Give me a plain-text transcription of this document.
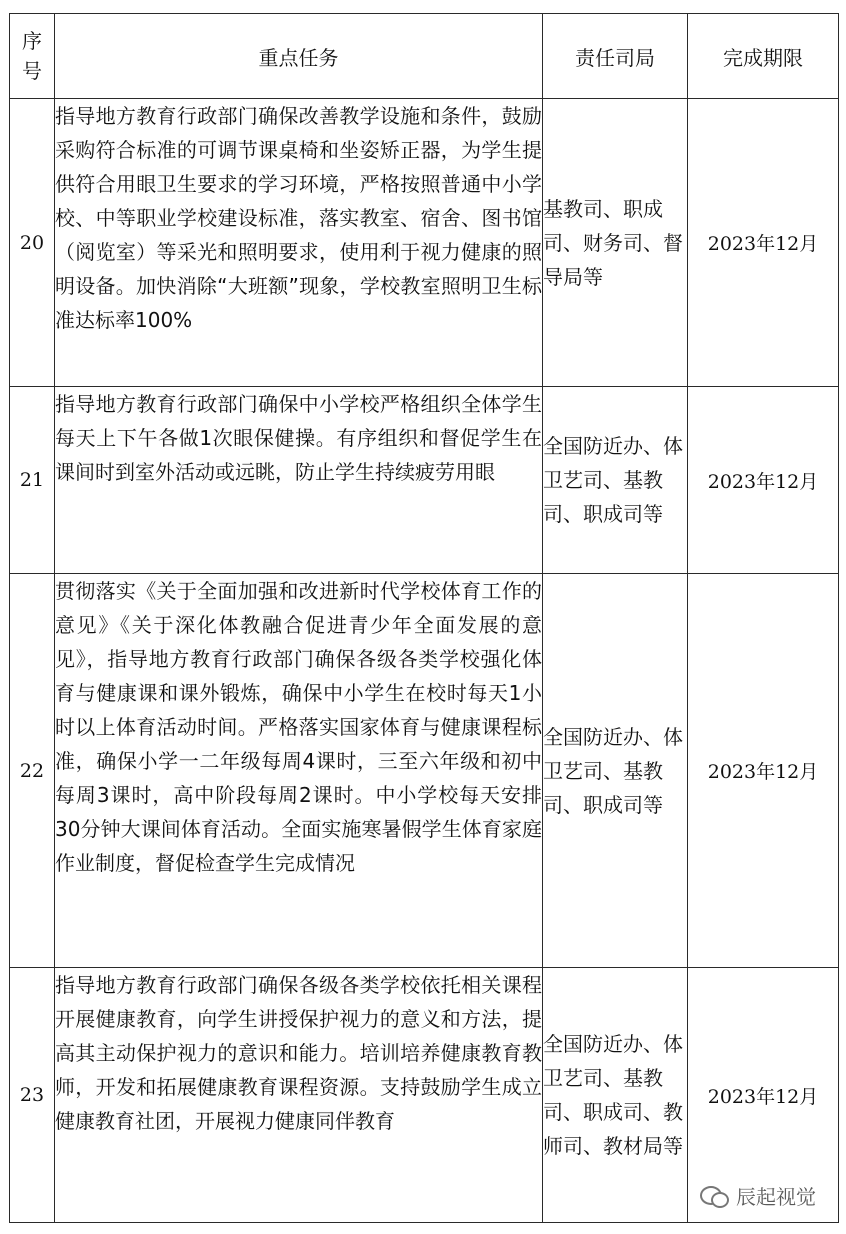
序
号	重点任务	责任司局	完成期限
20	指导地方教育行政部门确保改善教学设施和条件，鼓励采购符合标准的可调节课桌椅和坐姿矫正器，为学生提供符合用眼卫生要求的学习环境，严格按照普通中小学校、中等职业学校建设标准，落实教室、宿舍、图书馆（阅览室）等采光和照明要求，使用利于视力健康的照明设备。加快消除“大班额”现象，学校教室照明卫生标准达标率100%	基教司、职成司、财务司、督导局等	2023年12月
21	指导地方教育行政部门确保中小学校严格组织全体学生每天上下午各做1次眼保健操。有序组织和督促学生在课间时到室外活动或远眺，防止学生持续疲劳用眼	全国防近办、体卫艺司、基教司、职成司等	2023年12月
22	贯彻落实《关于全面加强和改进新时代学校体育工作的意见》《关于深化体教融合促进青少年全面发展的意见》，指导地方教育行政部门确保各级各类学校强化体育与健康课和课外锻炼，确保中小学生在校时每天1小时以上体育活动时间。严格落实国家体育与健康课程标准，确保小学一二年级每周4课时，三至六年级和初中每周3课时，高中阶段每周2课时。中小学校每天安排30分钟大课间体育活动。全面实施寒暑假学生体育家庭作业制度，督促检查学生完成情况	全国防近办、体卫艺司、基教司、职成司等	2023年12月
23	指导地方教育行政部门确保各级各类学校依托相关课程开展健康教育，向学生讲授保护视力的意义和方法，提高其主动保护视力的意识和能力。培训培养健康教育教师，开发和拓展健康教育课程资源。支持鼓励学生成立健康教育社团，开展视力健康同伴教育	全国防近办、体卫艺司、基教司、职成司、教师司、教材局等	2023年12月
辰起视觉
